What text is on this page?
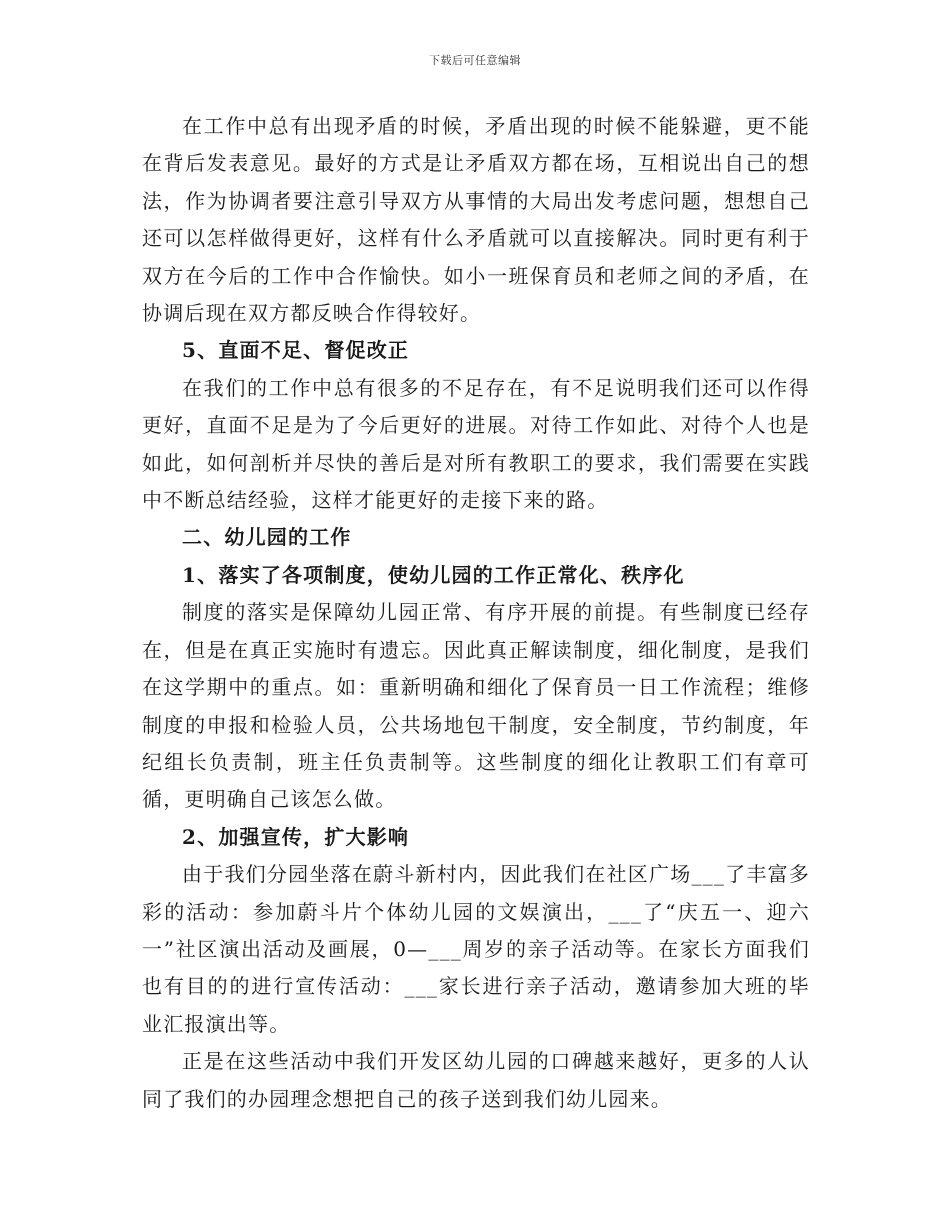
下载后可任意编辑

在工作中总有出现矛盾的时候，矛盾出现的时候不能躲避，更不能在背后发表意见。最好的方式是让矛盾双方都在场，互相说出自己的想法，作为协调者要注意引导双方从事情的大局出发考虑问题，想想自己还可以怎样做得更好，这样有什么矛盾就可以直接解决。同时更有利于双方在今后的工作中合作愉快。如小一班保育员和老师之间的矛盾，在协调后现在双方都反映合作得较好。

5、直面不足、督促改正

在我们的工作中总有很多的不足存在，有不足说明我们还可以作得更好，直面不足是为了今后更好的进展。对待工作如此、对待个人也是如此，如何剖析并尽快的善后是对所有教职工的要求，我们需要在实践中不断总结经验，这样才能更好的走接下来的路。

二、幼儿园的工作

1、落实了各项制度，使幼儿园的工作正常化、秩序化

制度的落实是保障幼儿园正常、有序开展的前提。有些制度已经存在，但是在真正实施时有遗忘。因此真正解读制度，细化制度，是我们在这学期中的重点。如：重新明确和细化了保育员一日工作流程；维修制度的申报和检验人员，公共场地包干制度，安全制度，节约制度，年纪组长负责制，班主任负责制等。这些制度的细化让教职工们有章可循，更明确自己该怎么做。

2、加强宣传，扩大影响

由于我们分园坐落在蔚斗新村内，因此我们在社区广场___了丰富多彩的活动：参加蔚斗片个体幼儿园的文娱演出，___了“庆五一、迎六一”社区演出活动及画展，0—___周岁的亲子活动等。在家长方面我们也有目的的进行宣传活动：___家长进行亲子活动，邀请参加大班的毕业汇报演出等。

正是在这些活动中我们开发区幼儿园的口碑越来越好，更多的人认同了我们的办园理念想把自己的孩子送到我们幼儿园来。
